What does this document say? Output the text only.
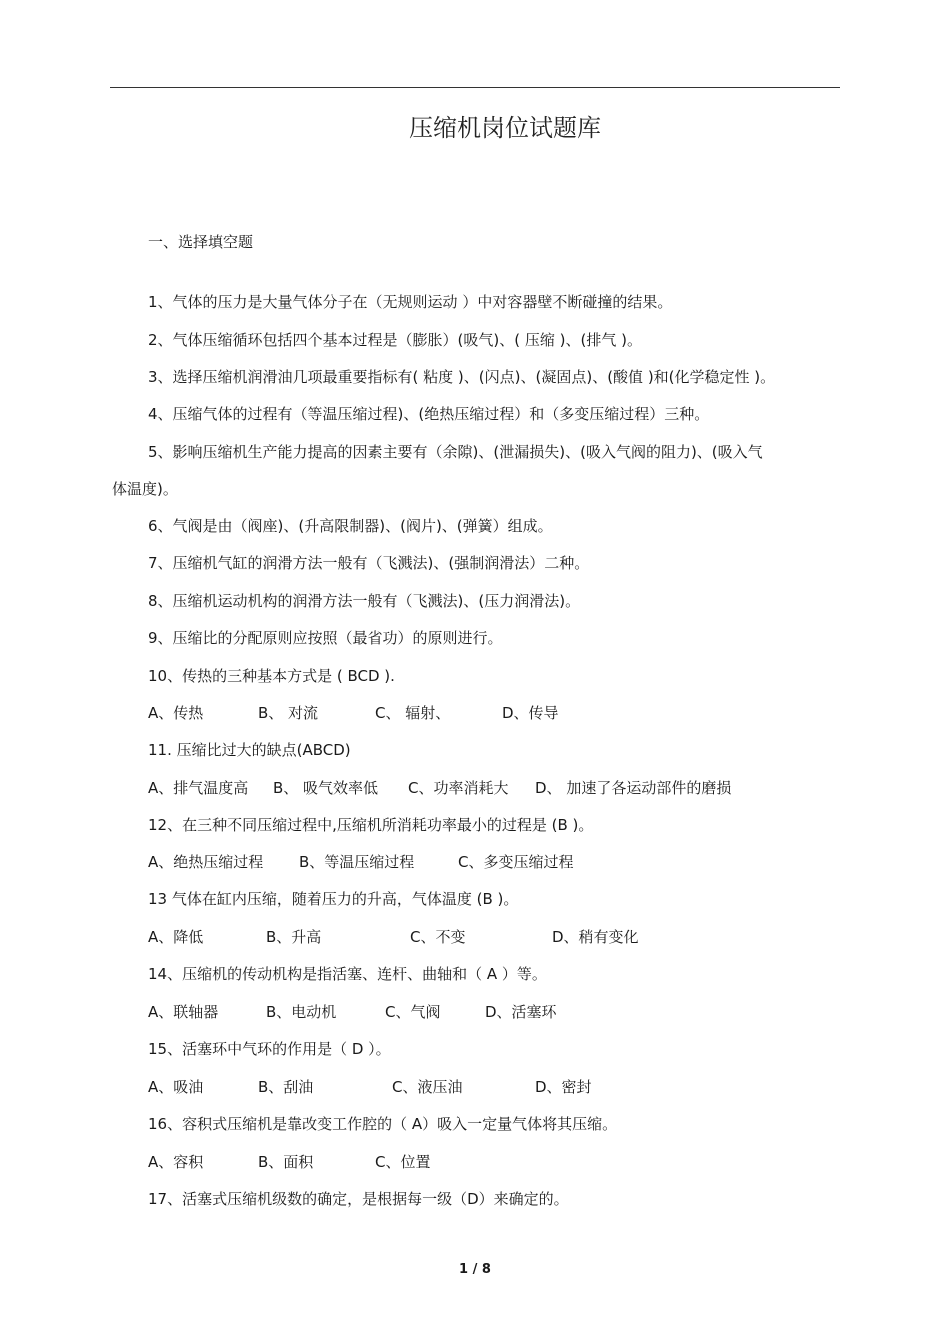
压缩机岗位试题库
一、选择填空题
1、气体的压力是大量气体分子在（无规则运动 ）中对容器壁不断碰撞的结果。
2、气体压缩循环包括四个基本过程是（膨胀）(吸气)、( 压缩 )、(排气 )。
3、选择压缩机润滑油几项最重要指标有( 粘度 )、(闪点)、(凝固点)、(酸值 )和(化学稳定性 )。
4、压缩气体的过程有（等温压缩过程)、(绝热压缩过程）和（多变压缩过程）三种。
5、影响压缩机生产能力提高的因素主要有（余隙)、(泄漏损失)、(吸入气阀的阻力)、(吸入气
体温度)。
6、气阀是由（阀座)、(升高限制器)、(阀片)、(弹簧）组成。
7、压缩机气缸的润滑方法一般有（飞溅法)、(强制润滑法）二种。
8、压缩机运动机构的润滑方法一般有（飞溅法)、(压力润滑法)。
9、压缩比的分配原则应按照（最省功）的原则进行。
10、传热的三种基本方式是 ( BCD ).
A、传热	B、 对流	C、 辐射、	D、传导
11. 压缩比过大的缺点(ABCD)
A、排气温度高 B、 吸气效率低 C、功率消耗大 D、 加速了各运动部件的磨损
12、在三种不同压缩过程中,压缩机所消耗功率最小的过程是 (B )。
A、绝热压缩过程 B、等温压缩过程	C、多变压缩过程
13 气体在缸内压缩，随着压力的升高，气体温度 (B )。
A、降低	B、升高	C、不变	D、稍有变化
14、压缩机的传动机构是指活塞、连杆、曲轴和（ A ）等。
A、联轴器	B、电动机	C、气阀	D、活塞环
15、活塞环中气环的作用是（ D ）。
A、吸油	B、刮油	C、液压油	D、密封
16、容积式压缩机是靠改变工作腔的（ A）吸入一定量气体将其压缩。
A、容积	B、面积	C、位置
17、活塞式压缩机级数的确定，是根据每一级（D）来确定的。
1 / 8
